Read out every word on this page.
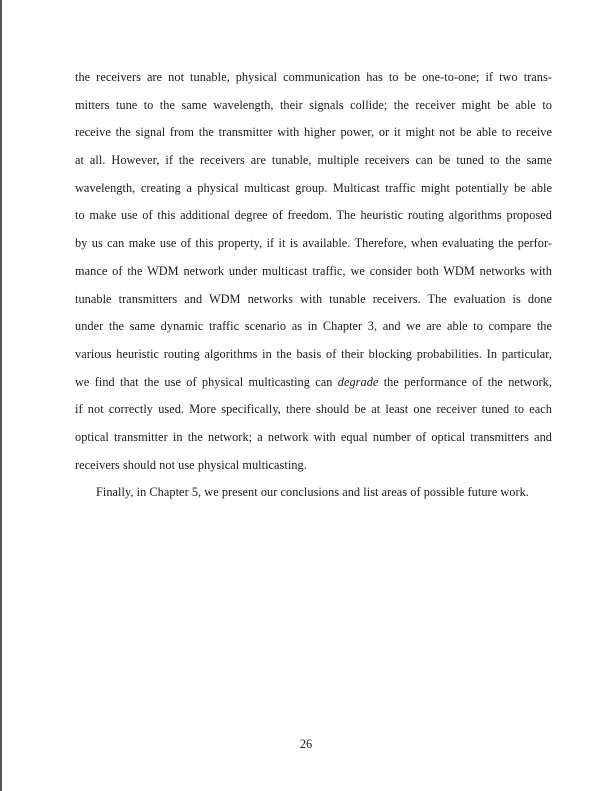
the receivers are not tunable, physical communication has to be one-to-one; if two trans-
mitters tune to the same wavelength, their signals collide; the receiver might be able to
receive the signal from the transmitter with higher power, or it might not be able to receive
at all. However, if the receivers are tunable, multiple receivers can be tuned to the same
wavelength, creating a physical multicast group. Multicast traffic might potentially be able
to make use of this additional degree of freedom. The heuristic routing algorithms proposed
by us can make use of this property, if it is available. Therefore, when evaluating the perfor-
mance of the WDM network under multicast traffic, we consider both WDM networks with
tunable transmitters and WDM networks with tunable receivers. The evaluation is done
under the same dynamic traffic scenario as in Chapter 3, and we are able to compare the
various heuristic routing algorithms in the basis of their blocking probabilities. In particular,
we find that the use of physical multicasting can degrade the performance of the network,
if not correctly used. More specifically, there should be at least one receiver tuned to each
optical transmitter in the network; a network with equal number of optical transmitters and
receivers should not use physical multicasting.
Finally, in Chapter 5, we present our conclusions and list areas of possible future work.
26
